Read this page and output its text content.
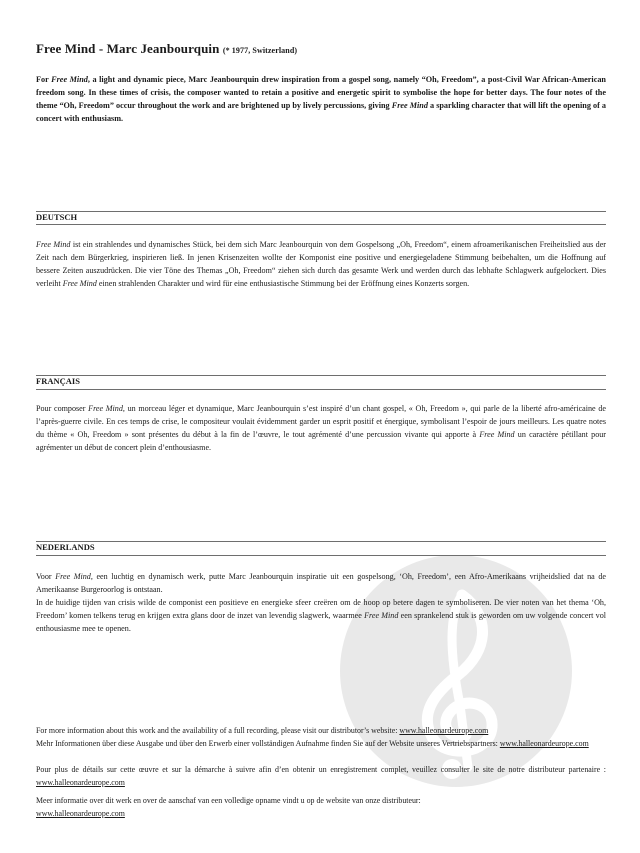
Free Mind - Marc Jeanbourquin (* 1977, Switzerland)

For Free Mind, a light and dynamic piece, Marc Jeanbourquin drew inspiration from a gospel song, namely “Oh, Freedom”, a post-Civil War African-American freedom song. In these times of crisis, the composer wanted to retain a positive and energetic spirit to symbolise the hope for better days. The four notes of the theme “Oh, Freedom” occur throughout the work and are brightened up by lively percussions, giving Free Mind a sparkling character that will lift the opening of a concert with enthusiasm.

DEUTSCH

Free Mind ist ein strahlendes und dynamisches Stück, bei dem sich Marc Jeanbourquin von dem Gospelsong „Oh, Freedom“, einem afroamerikanischen Freiheitslied aus der Zeit nach dem Bürgerkrieg, inspirieren ließ. In jenen Krisenzeiten wollte der Komponist eine positive und energiegeladene Stimmung beibehalten, um die Hoffnung auf bessere Zeiten auszudrücken. Die vier Töne des Themas „Oh, Freedom“ ziehen sich durch das gesamte Werk und werden durch das lebhafte Schlagwerk aufgelockert. Dies verleiht Free Mind einen strahlenden Charakter und wird für eine enthusiastische Stimmung bei der Eröffnung eines Konzerts sorgen.

FRANÇAIS

Pour composer Free Mind, un morceau léger et dynamique, Marc Jeanbourquin s’est inspiré d’un chant gospel, « Oh, Freedom », qui parle de la liberté afro-américaine de l’après-guerre civile. En ces temps de crise, le compositeur voulait évidemment garder un esprit positif et énergique, symbolisant l’espoir de jours meilleurs. Les quatre notes du thème « Oh, Freedom » sont présentes du début à la fin de l’œuvre, le tout agrémenté d’une percussion vivante qui apporte à Free Mind un caractère pétillant pour agrémenter un début de concert plein d’enthousiasme.

NEDERLANDS

Voor Free Mind, een luchtig en dynamisch werk, putte Marc Jeanbourquin inspiratie uit een gospelsong, ‘Oh, Freedom’, een Afro-Amerikaans vrijheidslied dat na de Amerikaanse Burgeroorlog is ontstaan.
In de huidige tijden van crisis wilde de componist een positieve en energieke sfeer creëren om de hoop op betere dagen te symboliseren. De vier noten van het thema ‘Oh, Freedom’ komen telkens terug en krijgen extra glans door de inzet van levendig slagwerk, waarmee Free Mind een sprankelend stuk is geworden om uw volgende concert vol enthousiasme mee te openen.

For more information about this work and the availability of a full recording, please visit our distributor’s website: www.halleonardeurope.com

Mehr Informationen über diese Ausgabe und über den Erwerb einer vollständigen Aufnahme finden Sie auf der Website unseres Vertriebspartners: www.halleonardeurope.com

Pour plus de détails sur cette œuvre et sur la démarche à suivre afin d’en obtenir un enregistrement complet, veuillez consulter le site de notre distributeur partenaire : www.halleonardeurope.com

Meer informatie over dit werk en over de aanschaf van een volledige opname vindt u op de website van onze distributeur:
www.halleonardeurope.com
